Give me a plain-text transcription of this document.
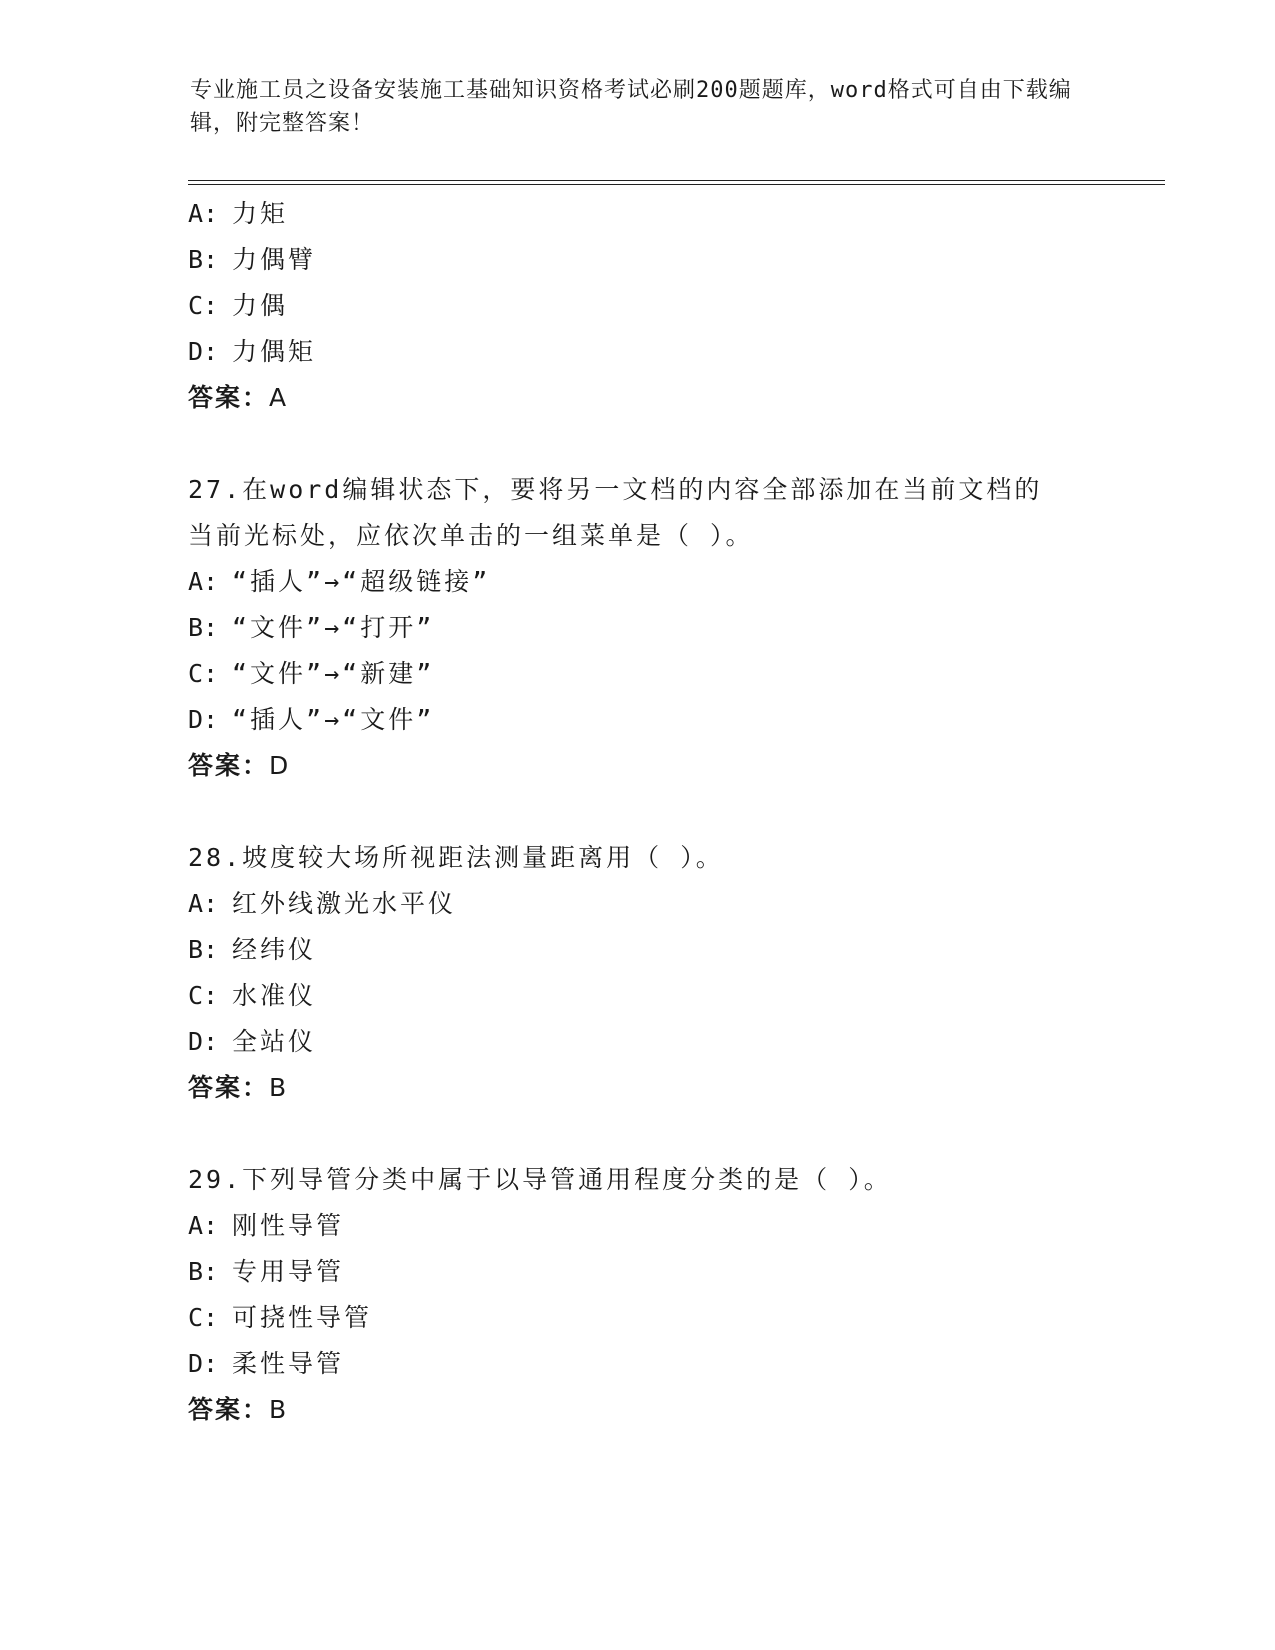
专业施工员之设备安装施工基础知识资格考试必刷200题题库，word格式可自由下载编辑，附完整答案！
A: 力矩
B: 力偶臂
C: 力偶
D: 力偶矩
答案：A
27.在word编辑状态下，要将另一文档的内容全部添加在当前文档的
当前光标处，应依次单击的一组菜单是（ ）。
A: “插人”→“超级链接”
B: “文件”→“打开”
C: “文件”→“新建”
D: “插人”→“文件”
答案：D
28.坡度较大场所视距法测量距离用（ ）。
A: 红外线激光水平仪
B: 经纬仪
C: 水准仪
D: 全站仪
答案：B
29.下列导管分类中属于以导管通用程度分类的是（ ）。
A: 刚性导管
B: 专用导管
C: 可挠性导管
D: 柔性导管
答案：B
